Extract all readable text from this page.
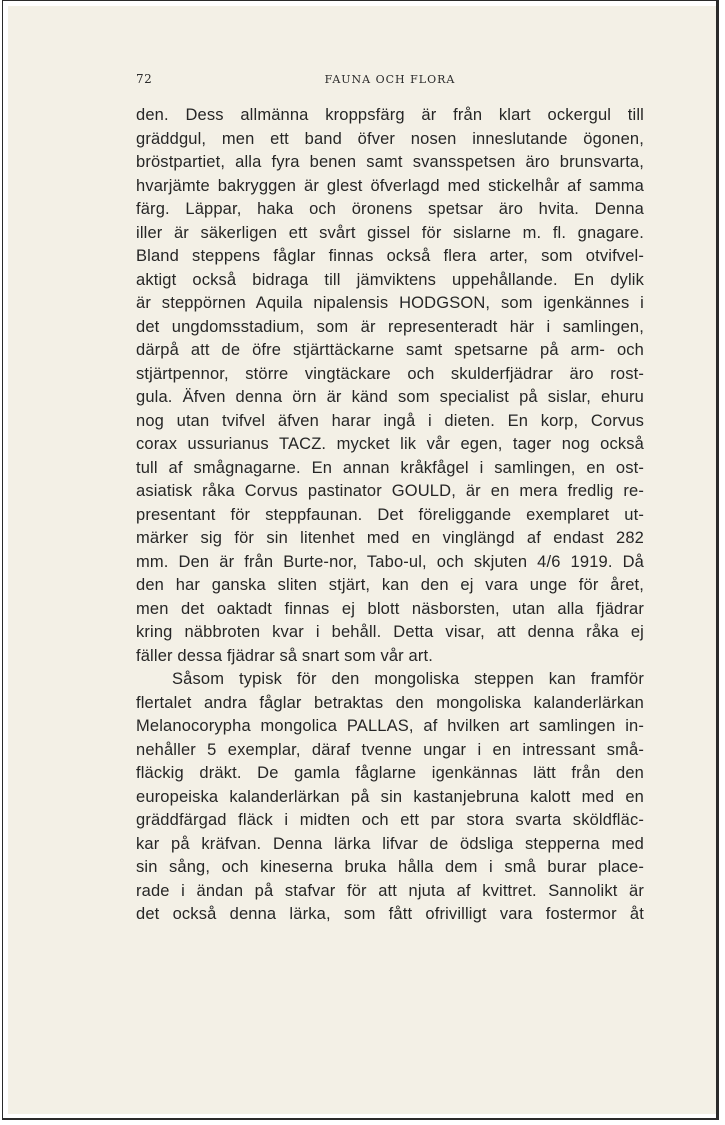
72	FAUNA OCH FLORA
den. Dess allmänna kroppsfärg är från klart ockergul till
gräddgul, men ett band öfver nosen inneslutande ögonen,
bröstpartiet, alla fyra benen samt svansspetsen äro brunsvarta,
hvarjämte bakryggen är glest öfverlagd med stickelhår af samma
färg. Läppar, haka och öronens spetsar äro hvita. Denna
iller är säkerligen ett svårt gissel för sislarne m. fl. gnagare.
Bland steppens fåglar finnas också flera arter, som otvifvel-
aktigt också bidraga till jämviktens uppehållande. En dylik
är steppörnen Aquila nipalensis HODGSON, som igenkännes i
det ungdomsstadium, som är representeradt här i samlingen,
därpå att de öfre stjärttäckarne samt spetsarne på arm- och
stjärtpennor, större vingtäckare och skulderfjädrar äro rost-
gula. Äfven denna örn är känd som specialist på sislar, ehuru
nog utan tvifvel äfven harar ingå i dieten. En korp, Corvus
corax ussurianus TACZ. mycket lik vår egen, tager nog också
tull af smågnagarne. En annan kråkfågel i samlingen, en ost-
asiatisk råka Corvus pastinator GOULD, är en mera fredlig re-
presentant för steppfaunan. Det föreliggande exemplaret ut-
märker sig för sin litenhet med en vinglängd af endast 282
mm. Den är från Burte-nor, Tabo-ul, och skjuten 4/6 1919. Då
den har ganska sliten stjärt, kan den ej vara unge för året,
men det oaktadt finnas ej blott näsborsten, utan alla fjädrar
kring näbbroten kvar i behåll. Detta visar, att denna råka ej
fäller dessa fjädrar så snart som vår art.
Såsom typisk för den mongoliska steppen kan framför
flertalet andra fåglar betraktas den mongoliska kalanderlärkan
Melanocorypha mongolica PALLAS, af hvilken art samlingen in-
nehåller 5 exemplar, däraf tvenne ungar i en intressant små-
fläckig dräkt. De gamla fåglarne igenkännas lätt från den
europeiska kalanderlärkan på sin kastanjebruna kalott med en
gräddfärgad fläck i midten och ett par stora svarta sköldfläc-
kar på kräfvan. Denna lärka lifvar de ödsliga stepperna med
sin sång, och kineserna bruka hålla dem i små burar place-
rade i ändan på stafvar för att njuta af kvittret. Sannolikt är
det också denna lärka, som fått ofrivilligt vara fostermor åt
